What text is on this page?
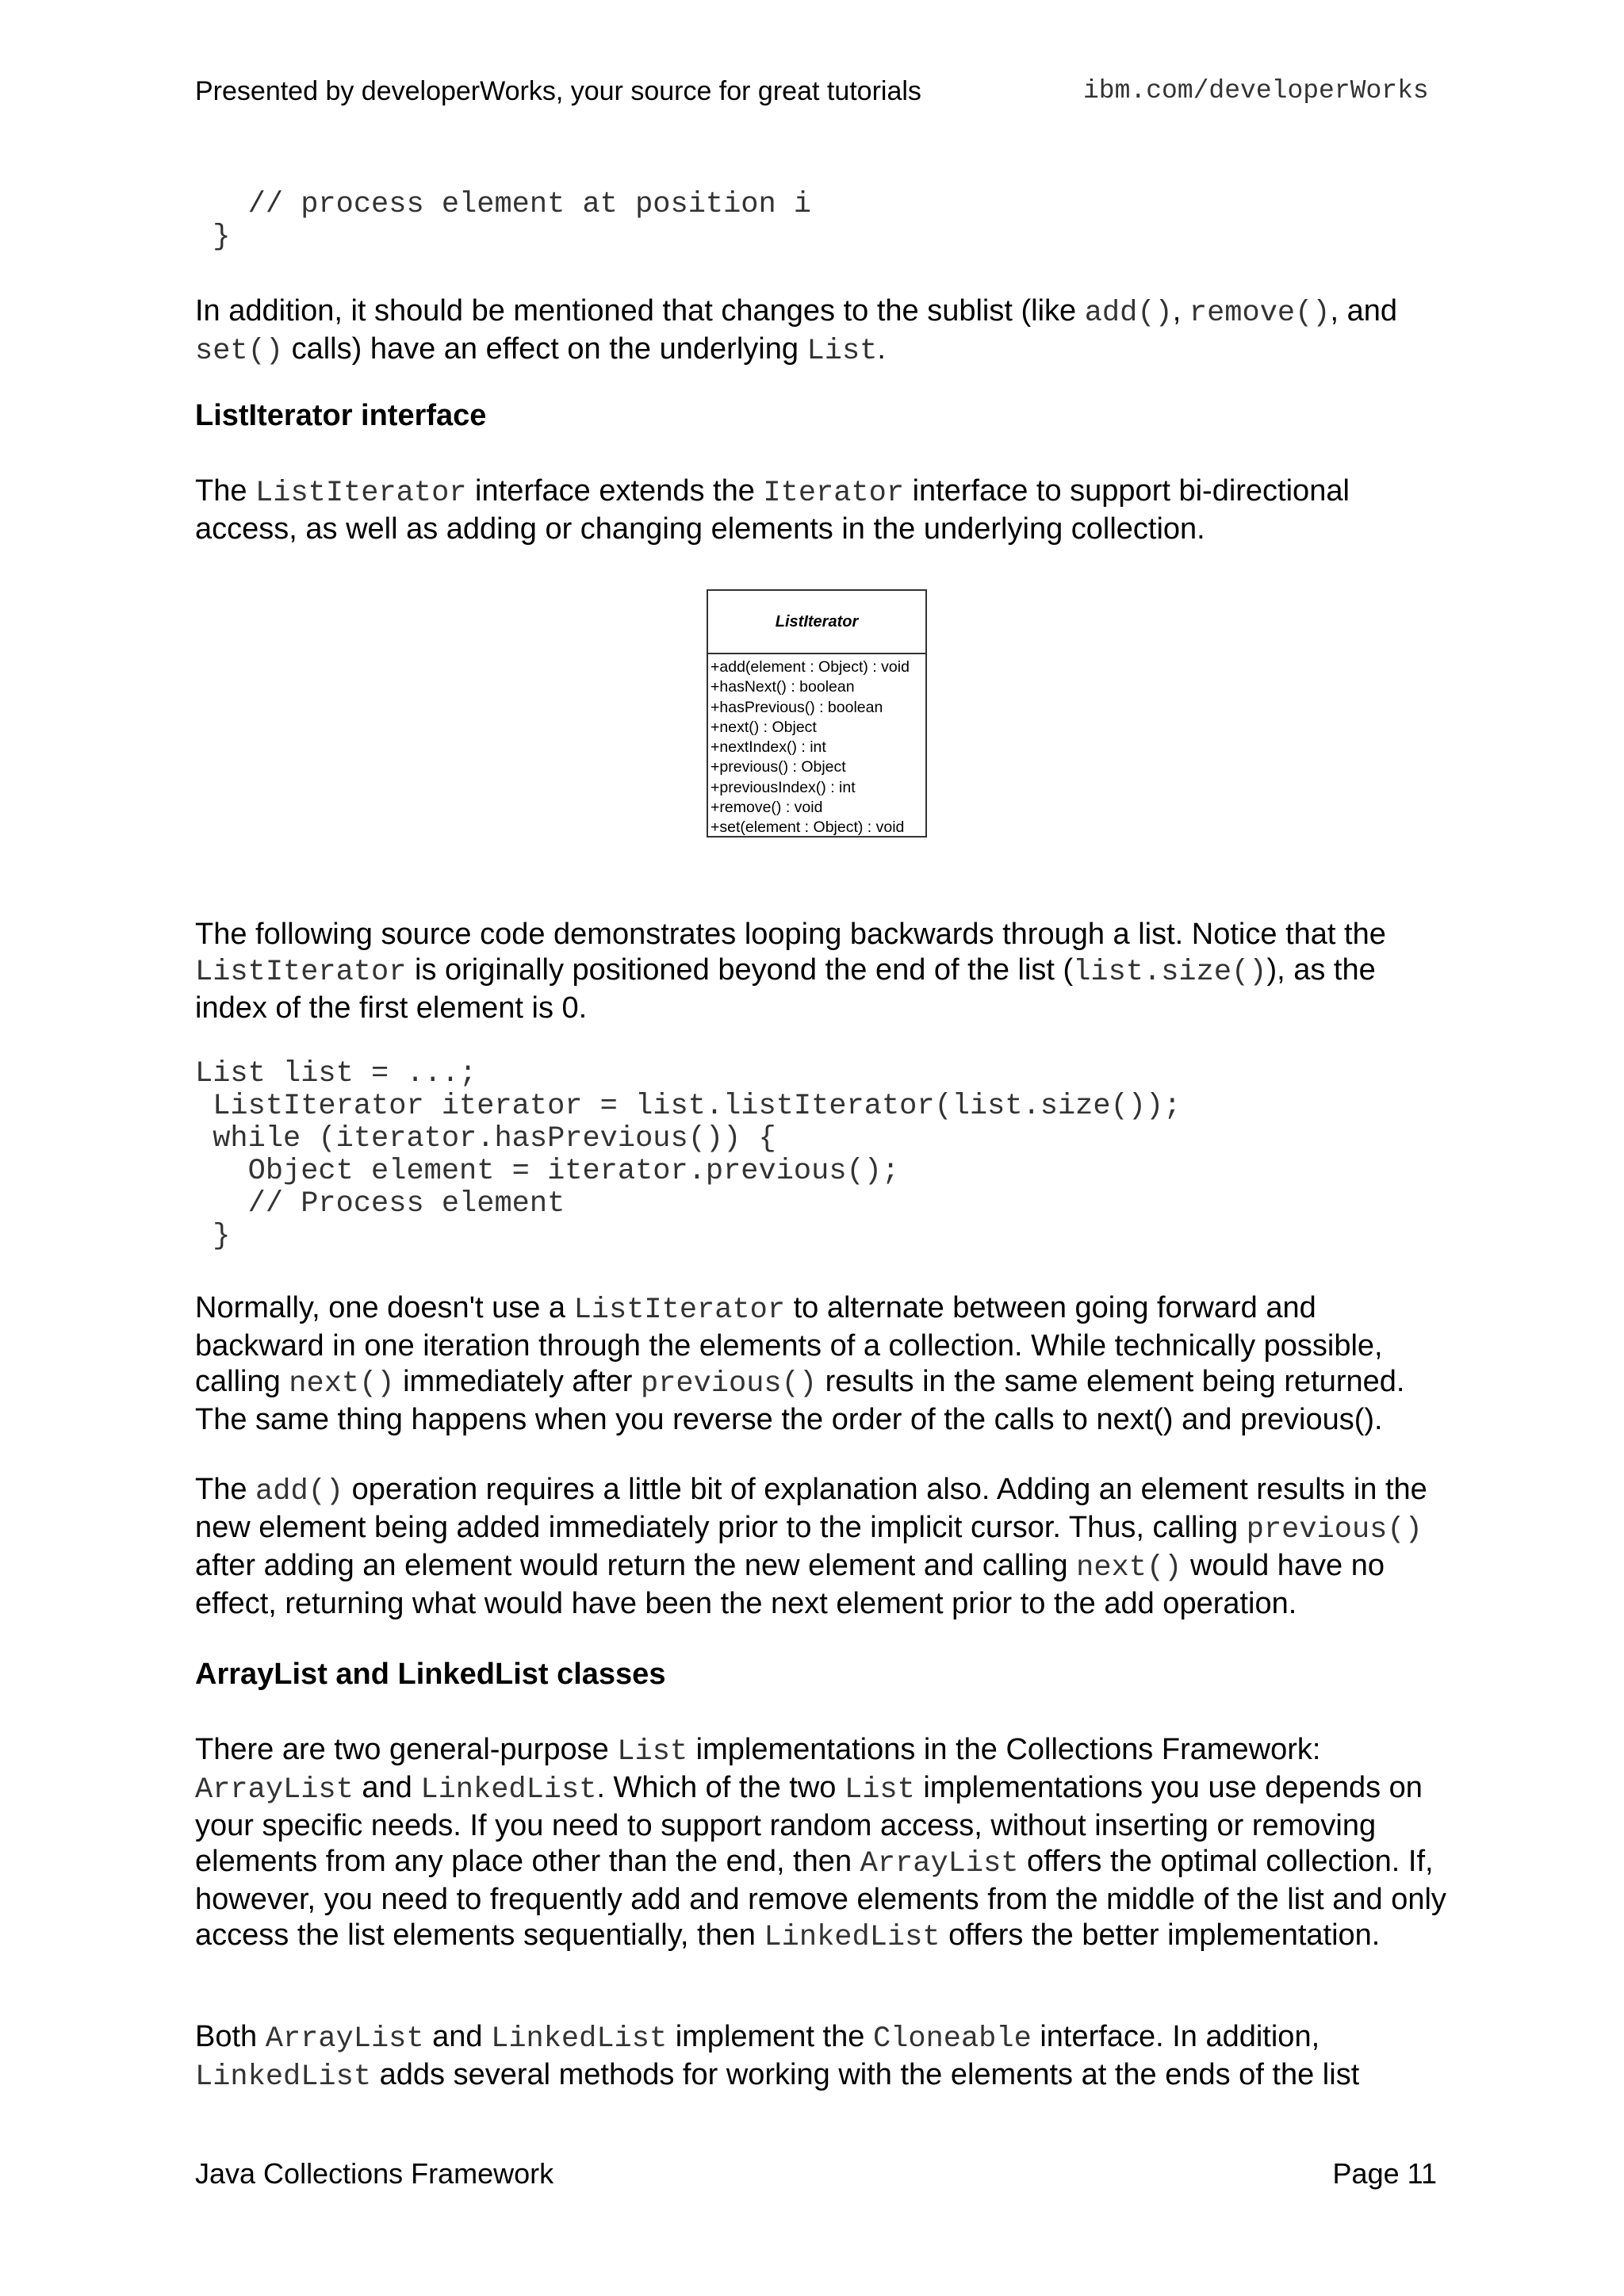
Presented by developerWorks, your source for great tutorials	ibm.com/developerWorks
// process element at position i
}

In addition, it should be mentioned that changes to the sublist (like add(), remove(), and set() calls) have an effect on the underlying List.

ListIterator interface

The ListIterator interface extends the Iterator interface to support bi-directional access, as well as adding or changing elements in the underlying collection.

ListIterator
+add(element : Object) : void
+hasNext() : boolean
+hasPrevious() : boolean
+next() : Object
+nextIndex() : int
+previous() : Object
+previousIndex() : int
+remove() : void
+set(element : Object) : void

The following source code demonstrates looping backwards through a list. Notice that the ListIterator is originally positioned beyond the end of the list (list.size()), as the index of the first element is 0.

List list = ...;
ListIterator iterator = list.listIterator(list.size());
while (iterator.hasPrevious()) {
Object element = iterator.previous();
// Process element
}

Normally, one doesn't use a ListIterator to alternate between going forward and backward in one iteration through the elements of a collection. While technically possible, calling next() immediately after previous() results in the same element being returned. The same thing happens when you reverse the order of the calls to next() and previous().

The add() operation requires a little bit of explanation also. Adding an element results in the new element being added immediately prior to the implicit cursor. Thus, calling previous() after adding an element would return the new element and calling next() would have no effect, returning what would have been the next element prior to the add operation.

ArrayList and LinkedList classes

There are two general-purpose List implementations in the Collections Framework: ArrayList and LinkedList. Which of the two List implementations you use depends on your specific needs. If you need to support random access, without inserting or removing elements from any place other than the end, then ArrayList offers the optimal collection. If, however, you need to frequently add and remove elements from the middle of the list and only access the list elements sequentially, then LinkedList offers the better implementation.

Both ArrayList and LinkedList implement the Cloneable interface. In addition, LinkedList adds several methods for working with the elements at the ends of the list

Java Collections Framework	Page 11
